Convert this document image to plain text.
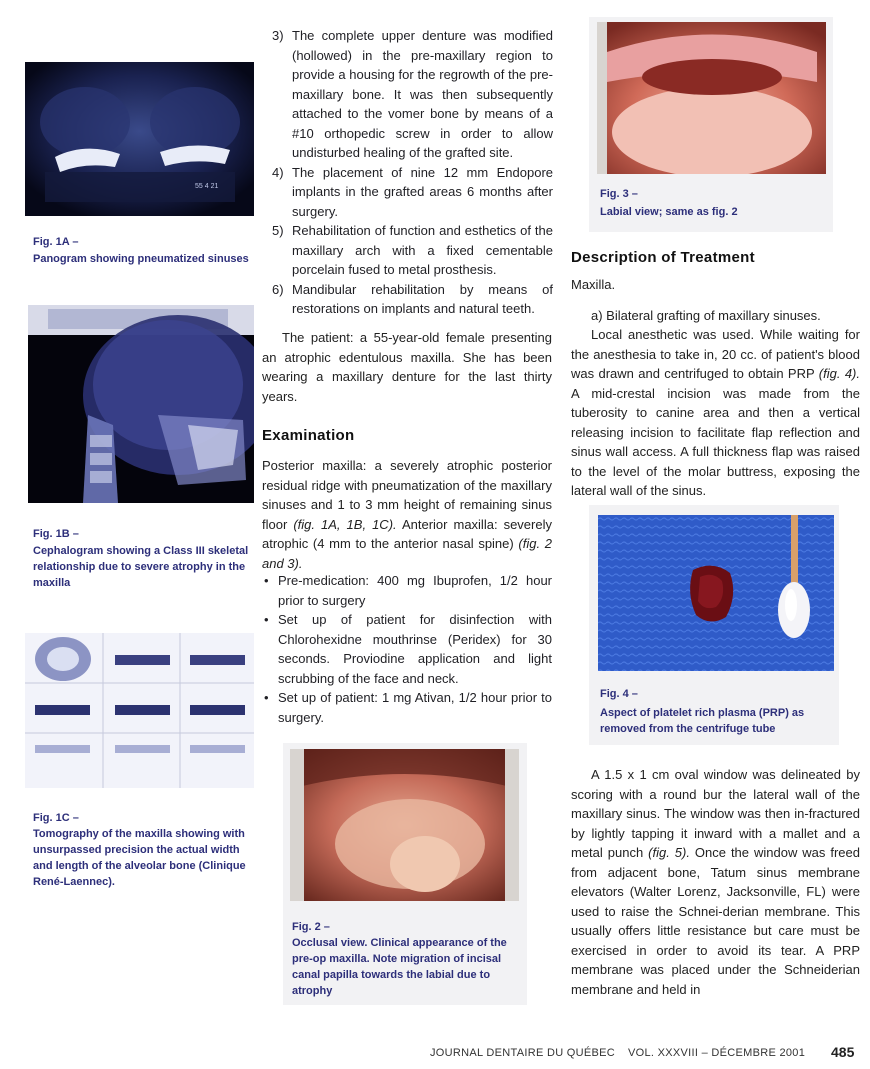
55 4 21
Fig. 1A –
Panogram showing pneumatized sinuses
Fig. 1B –
Cephalogram showing a Class III skeletal relationship due to severe atrophy in the maxilla
Fig. 1C –
Tomography of the maxilla showing with unsurpassed precision the actual width and length of the alveolar bone (Clinique René-Laennec).
3) The complete upper denture was modified (hollowed) in the pre-maxillary region to provide a housing for the regrowth of the pre-maxillary bone. It was then subsequently attached to the vomer bone by means of a #10 orthopedic screw in order to allow undisturbed healing of the grafted site.
4) The placement of nine 12 mm Endopore implants in the grafted areas 6 months after surgery.
5) Rehabilitation of function and esthetics of the maxillary arch with a fixed cementable porcelain fused to metal prosthesis.
6) Mandibular rehabilitation by means of restorations on implants and natural teeth.
The patient: a 55-year-old female presenting an atrophic edentulous maxilla. She has been wearing a maxillary denture for the last thirty years.
Examination
Posterior maxilla: a severely atrophic posterior residual ridge with pneumatization of the maxillary sinuses and 1 to 3 mm height of remaining sinus floor (fig. 1A, 1B, 1C). Anterior maxilla: severely atrophic (4 mm to the anterior nasal spine) (fig. 2 and 3).
• Pre-medication: 400 mg Ibuprofen, 1/2 hour prior to surgery
• Set up of patient for disinfection with Chlorohexidne mouthrinse (Peridex) for 30 seconds. Proviodine application and light scrubbing of the face and neck.
• Set up of patient: 1 mg Ativan, 1/2 hour prior to surgery.
Fig. 2 –
Occlusal view. Clinical appearance of the pre-op maxilla. Note migration of incisal canal papilla towards the labial due to atrophy
Fig. 3 –
Labial view; same as fig. 2
Description of Treatment
Maxilla.
a) Bilateral grafting of maxillary sinuses.
Local anesthetic was used. While waiting for the anesthesia to take in, 20 cc. of patient's blood was drawn and centrifuged to obtain PRP (fig. 4). A mid-crestal incision was made from the tuberosity to canine area and then a vertical releasing incision to facilitate flap reflection and sinus wall access. A full thickness flap was raised to the level of the molar buttress, exposing the lateral wall of the sinus.
Fig. 4 –
Aspect of platelet rich plasma (PRP) as removed from the centrifuge tube
A 1.5 x 1 cm oval window was delineated by scoring with a round bur the lateral wall of the maxillary sinus. The window was then in-fractured by lightly tapping it inward with a mallet and a metal punch (fig. 5). Once the window was freed from adjacent bone, Tatum sinus membrane elevators (Walter Lorenz, Jacksonville, FL) were used to raise the Schnei-derian membrane. This usually offers little resistance but care must be exercised in order to avoid its tear. A PRP membrane was placed under the Schneiderian membrane and held in
JOURNAL DENTAIRE DU QUÉBEC VOL. XXXVIII – DÉCEMBRE 2001 485
